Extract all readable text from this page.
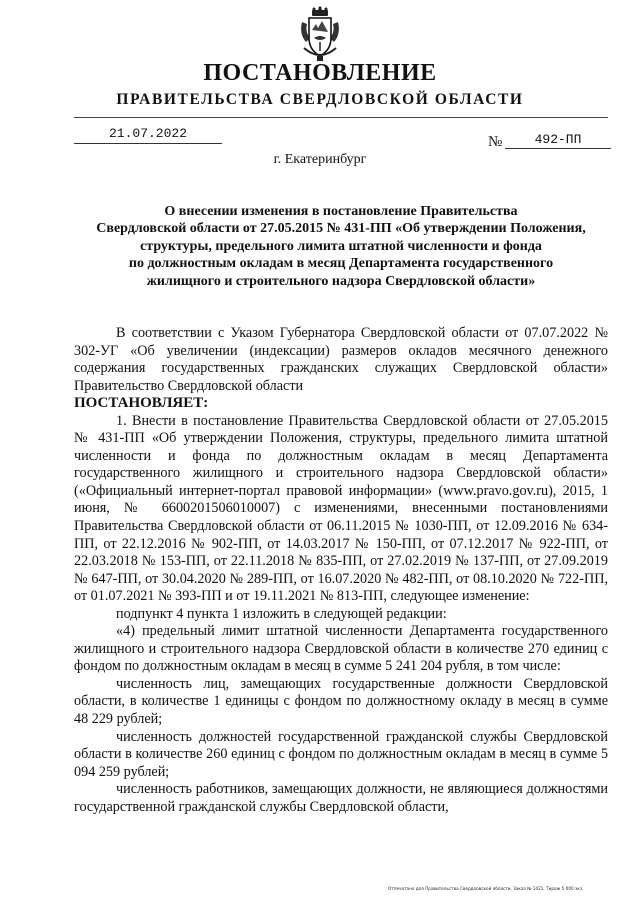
ПОСТАНОВЛЕНИЕ
ПРАВИТЕЛЬСТВА СВЕРДЛОВСКОЙ ОБЛАСТИ
21.07.2022
№	492-ПП
г. Екатеринбург
О внесении изменения в постановление Правительства
Свердловской области от 27.05.2015 № 431-ПП «Об утверждении Положения,
структуры, предельного лимита штатной численности и фонда
по должностным окладам в месяц Департамента государственного
жилищного и строительного надзора Свердловской области»

В соответствии с Указом Губернатора Свердловской области от 07.07.2022 № 302-УГ «Об увеличении (индексации) размеров окладов месячного денежного содержания государственных гражданских служащих Свердловской области» Правительство Свердловской области

ПОСТАНОВЛЯЕТ:

1. Внести в постановление Правительства Свердловской области от 27.05.2015 № 431-ПП «Об утверждении Положения, структуры, предельного лимита штатной численности и фонда по должностным окладам в месяц Департамента государственного жилищного и строительного надзора Свердловской области» («Официальный интернет-портал правовой информации» (www.pravo.gov.ru), 2015, 1 июня, № 6600201506010007) с изменениями, внесенными постановлениями Правительства Свердловской области от 06.11.2015 № 1030-ПП, от 12.09.2016 № 634-ПП, от 22.12.2016 № 902-ПП, от 14.03.2017 № 150-ПП, от 07.12.2017 № 922-ПП, от 22.03.2018 № 153-ПП, от 22.11.2018 № 835-ПП, от 27.02.2019 № 137-ПП, от 27.09.2019 № 647-ПП, от 30.04.2020 № 289-ПП, от 16.07.2020 № 482-ПП, от 08.10.2020 № 722-ПП, от 01.07.2021 № 393-ПП и от 19.11.2021 № 813-ПП, следующее изменение:

подпункт 4 пункта 1 изложить в следующей редакции:

«4) предельный лимит штатной численности Департамента государственного жилищного и строительного надзора Свердловской области в количестве 270 единиц с фондом по должностным окладам в месяц в сумме 5 241 204 рубля, в том числе:

численность лиц, замещающих государственные должности Свердловской области, в количестве 1 единицы с фондом по должностному окладу в месяц в сумме 48 229 рублей;

численность должностей государственной гражданской службы Свердловской области в количестве 260 единиц с фондом по должностным окладам в месяц в сумме 5 094 259 рублей;

численность работников, замещающих должности, не являющиеся должностями государственной гражданской службы Свердловской области,

Отпечатано для Правительства Свердловской области. Заказ № 1421. Тираж 5 000 экз.
